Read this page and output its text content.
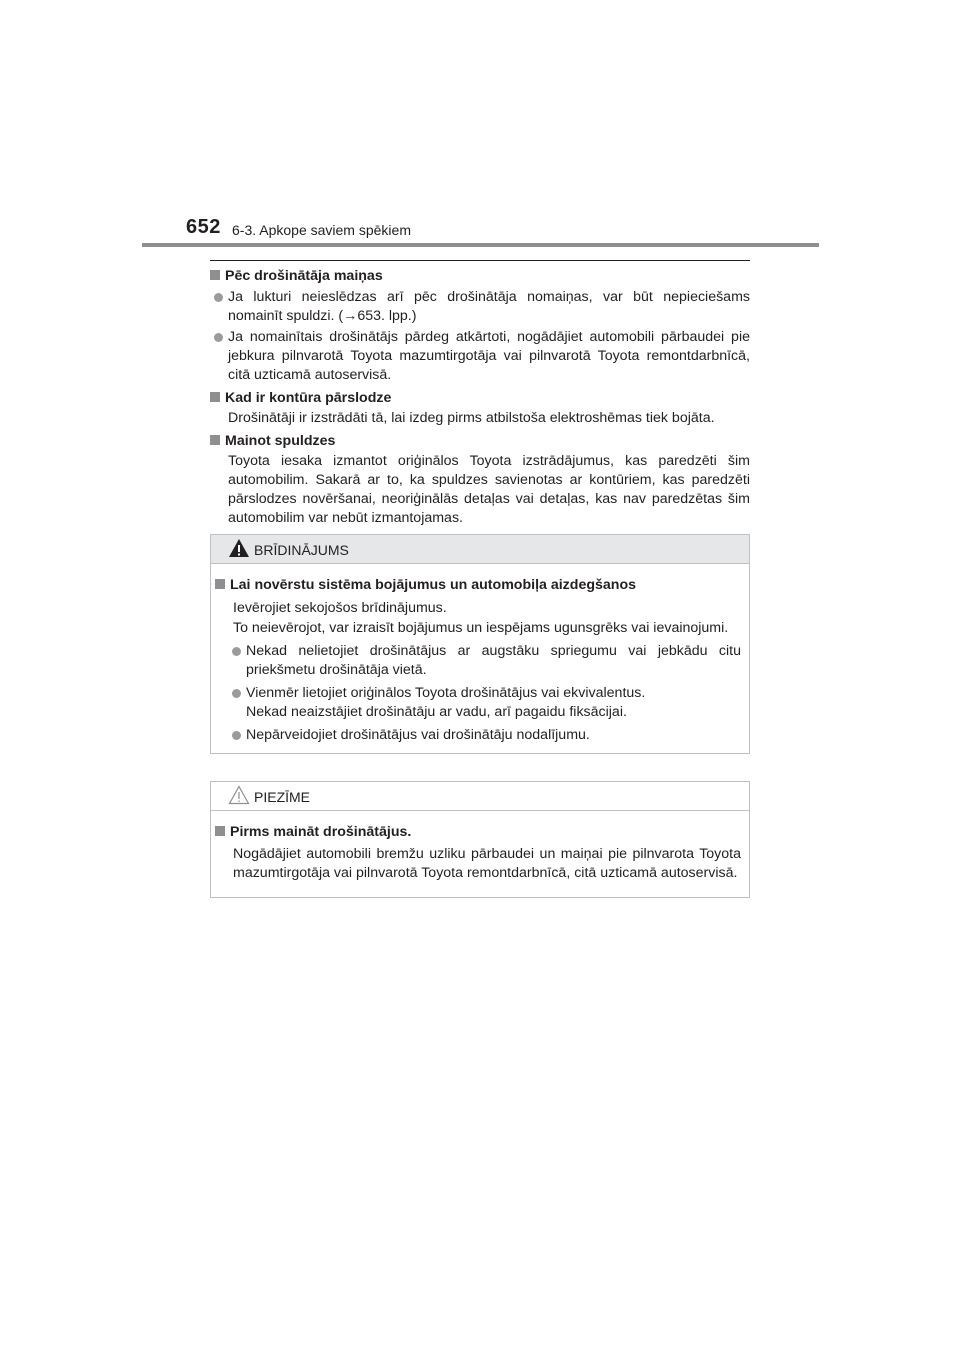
652 6-3. Apkope saviem spēkiem
Pēc drošinātāja maiņas
Ja lukturi neieslēdzas arī pēc drošinātāja nomaiņas, var būt nepieciešams nomainīt spuldzi. (→653. lpp.)
Ja nomainītais drošinātājs pārdeg atkārtoti, nogādājiet automobili pārbaudei pie jebkura pilnvarotā Toyota mazumtirgotāja vai pilnvarotā Toyota remontdarbnīcā, citā uzticamā autoservisā.
Kad ir kontūra pārslodze
Drošinātāji ir izstrādāti tā, lai izdeg pirms atbilstoša elektroshēmas tiek bojāta.
Mainot spuldzes
Toyota iesaka izmantot oriģinālos Toyota izstrādājumus, kas paredzēti šim automobilim. Sakarā ar to, ka spuldzes savienotas ar kontūriem, kas paredzēti pārslodzes novēršanai, neoriģinālās detaļas vai detaļas, kas nav paredzētas šim automobilim var nebūt izmantojamas.
BRĪDINĀJUMS
Lai novērstu sistēma bojājumus un automobiļa aizdegšanos
Ievērojiet sekojošos brīdinājumus.
To neievērojot, var izraisīt bojājumus un iespējams ugunsgrēks vai ievainojumi.
Nekad nelietojiet drošinātājus ar augstāku spriegumu vai jebkādu citu priekšmetu drošinātāja vietā.
Vienmēr lietojiet oriģinālos Toyota drošinātājus vai ekvivalentus.
Nekad neaizstājiet drošinātāju ar vadu, arī pagaidu fiksācijai.
Nepārveidojiet drošinātājus vai drošinātāju nodalījumu.
PIEZĪME
Pirms maināt drošinātājus.
Nogādājiet automobili bremžu uzliku pārbaudei un maiņai pie pilnvarota Toyota mazumtirgotāja vai pilnvarotā Toyota remontdarbnīcā, citā uzticamā autoservisā.
